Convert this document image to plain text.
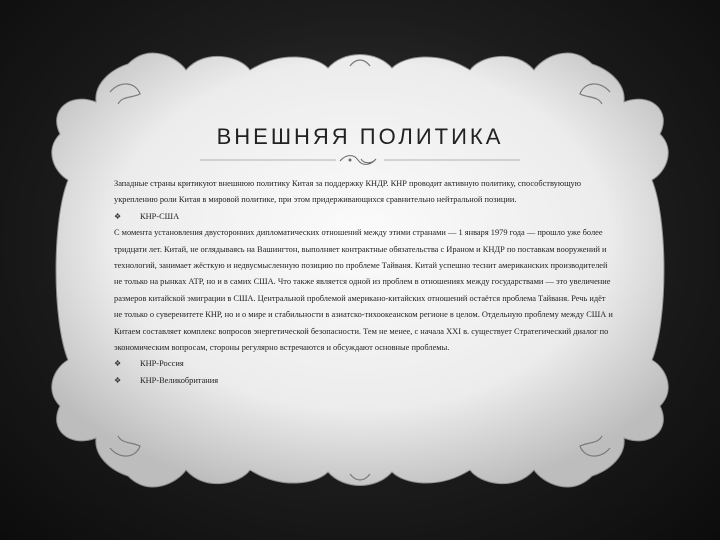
ВНЕШНЯЯ ПОЛИТИКА

Западные страны критикуют внешнюю политику Китая за поддержку КНДР. КНР проводит активную политику, способствующую укреплению роли Китая в мировой политике, при этом придерживающихся сравнительно нейтральной позиции.

❖	КНР-США

С момента установления двусторонних дипломатических отношений между этими странами — 1 января 1979 года — прошло уже более тридцати лет. Китай, не оглядываясь на Вашингтон, выполняет контрактные обязательства с Ираном и КНДР по поставкам вооружений и технологий, занимает жёсткую и недвусмысленную позицию по проблеме Тайваня. Китай успешно теснит американских производителей не только на рынках АТР, но и в самих США. Что также является одной из проблем в отношениях между государствами — это увеличение размеров китайской эмиграции в США. Центральной проблемой американо-китайских отношений остаётся проблема Тайваня. Речь идёт не только о суверенитете КНР, но и о мире и стабильности в азиатско-тихоокеанском регионе в целом. Отдельную проблему между США и Китаем составляет комплекс вопросов энергетической безопасности. Тем не менее, с начала XXI в. существует Стратегический диалог по экономическим вопросам, стороны регулярно встречаются и обсуждают основные проблемы.

❖	КНР-Россия
❖	КНР-Великобритания
